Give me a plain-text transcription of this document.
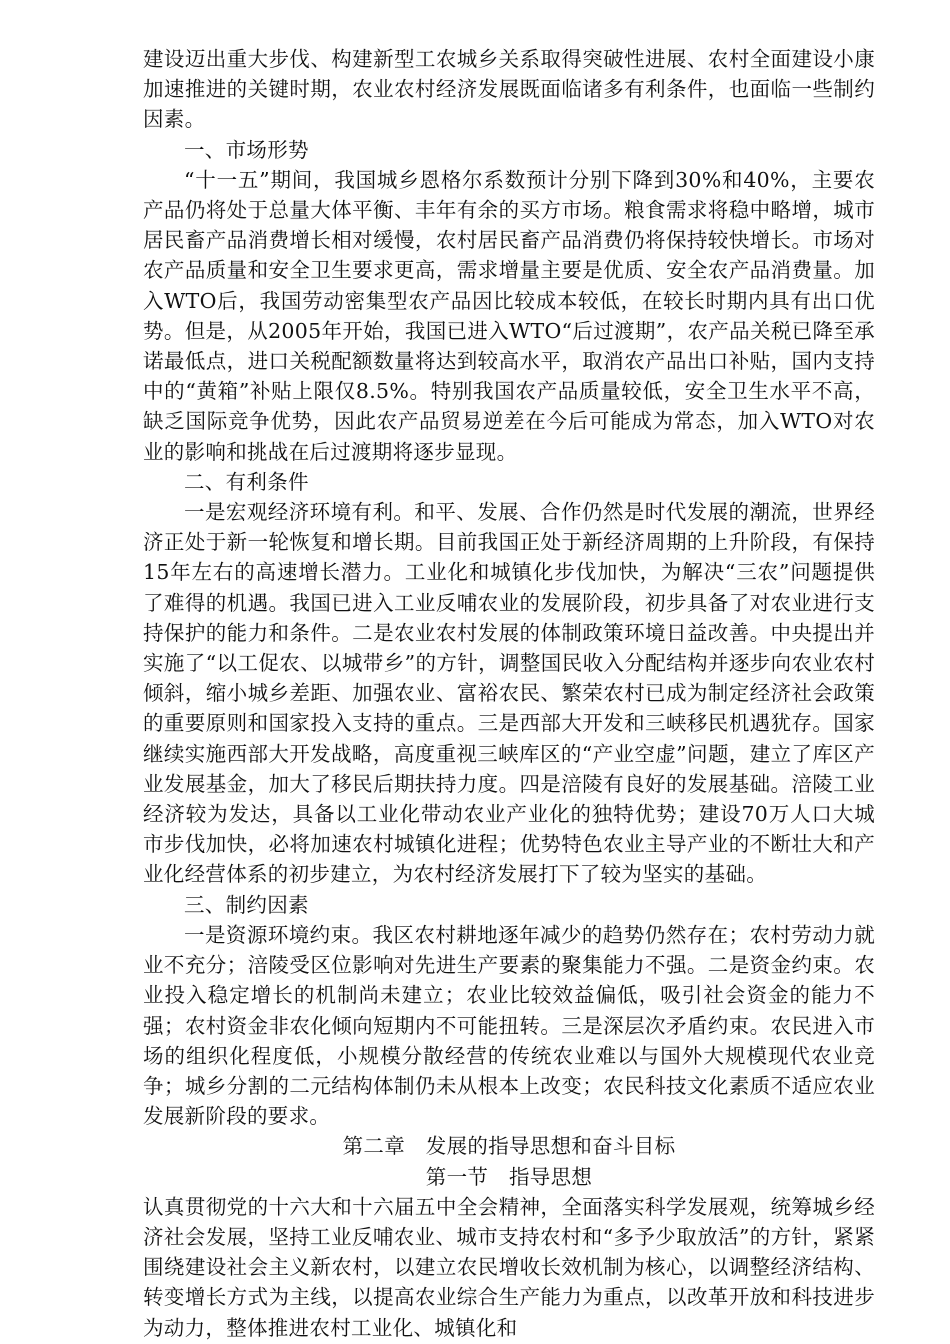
建设迈出重大步伐、构建新型工农城乡关系取得突破性进展、农村全面建设小康加速推进的关键时期，农业农村经济发展既面临诸多有利条件，也面临一些制约因素。

一、市场形势

“十一五”期间，我国城乡恩格尔系数预计分别下降到30%和40%，主要农产品仍将处于总量大体平衡、丰年有余的买方市场。粮食需求将稳中略增，城市居民畜产品消费增长相对缓慢，农村居民畜产品消费仍将保持较快增长。市场对农产品质量和安全卫生要求更高，需求增量主要是优质、安全农产品消费量。加入WTO后，我国劳动密集型农产品因比较成本较低，在较长时期内具有出口优势。但是，从2005年开始，我国已进入WTO“后过渡期”，农产品关税已降至承诺最低点，进口关税配额数量将达到较高水平，取消农产品出口补贴，国内支持中的“黄箱”补贴上限仅8.5%。特别我国农产品质量较低，安全卫生水平不高，缺乏国际竞争优势，因此农产品贸易逆差在今后可能成为常态，加入WTO对农业的影响和挑战在后过渡期将逐步显现。

二、有利条件

一是宏观经济环境有利。和平、发展、合作仍然是时代发展的潮流，世界经济正处于新一轮恢复和增长期。目前我国正处于新经济周期的上升阶段，有保持15年左右的高速增长潜力。工业化和城镇化步伐加快，为解决“三农”问题提供了难得的机遇。我国已进入工业反哺农业的发展阶段，初步具备了对农业进行支持保护的能力和条件。二是农业农村发展的体制政策环境日益改善。中央提出并实施了“以工促农、以城带乡”的方针，调整国民收入分配结构并逐步向农业农村倾斜，缩小城乡差距、加强农业、富裕农民、繁荣农村已成为制定经济社会政策的重要原则和国家投入支持的重点。三是西部大开发和三峡移民机遇犹存。国家继续实施西部大开发战略，高度重视三峡库区的“产业空虚”问题，建立了库区产业发展基金，加大了移民后期扶持力度。四是涪陵有良好的发展基础。涪陵工业经济较为发达，具备以工业化带动农业产业化的独特优势；建设70万人口大城市步伐加快，必将加速农村城镇化进程；优势特色农业主导产业的不断壮大和产业化经营体系的初步建立，为农村经济发展打下了较为坚实的基础。

三、制约因素

一是资源环境约束。我区农村耕地逐年减少的趋势仍然存在；农村劳动力就业不充分；涪陵受区位影响对先进生产要素的聚集能力不强。二是资金约束。农业投入稳定增长的机制尚未建立；农业比较效益偏低，吸引社会资金的能力不强；农村资金非农化倾向短期内不可能扭转。三是深层次矛盾约束。农民进入市场的组织化程度低，小规模分散经营的传统农业难以与国外大规模现代农业竞争；城乡分割的二元结构体制仍未从根本上改变；农民科技文化素质不适应农业发展新阶段的要求。

第二章　发展的指导思想和奋斗目标

第一节　指导思想

认真贯彻党的十六大和十六届五中全会精神，全面落实科学发展观，统筹城乡经济社会发展，坚持工业反哺农业、城市支持农村和“多予少取放活”的方针，紧紧围绕建设社会主义新农村，以建立农民增收长效机制为核心，以调整经济结构、转变增长方式为主线，以提高农业综合生产能力为重点，以改革开放和科技进步为动力，整体推进农村工业化、城镇化和
